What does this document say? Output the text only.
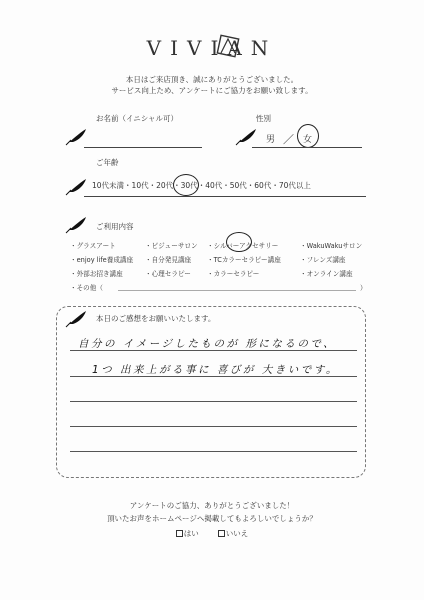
VIVIAN
本日はご来店頂き、誠にありがとうございました。
サービス向上ため、アンケートにご協力をお願い致します。
お名前（イニシャル可）	性別
男 ／ 女
ご年齢
10代未満・10代・20代・30代・40代・50代・60代・70代以上
ご利用内容
・グラスアート	・ビジューサロン ・シルバーアクセサリー	・WakuWakuサロン
・enjoy life養成講座 ・自分発見講座 ・TCカラーセラピー講座	・フレンズ講座
・外部お招き講座	・心理セラピー ・カラーセラピー	・オンライン講座
・その他（	）
本日のご感想をお願いいたします。
自分の イメージしたものが 形になるので、
1つ 出来上がる事に 喜びが 大きいです。
アンケートのご協力、ありがとうございました！
頂いたお声をホームページへ掲載してもよろしいでしょうか？
はい	いいえ
